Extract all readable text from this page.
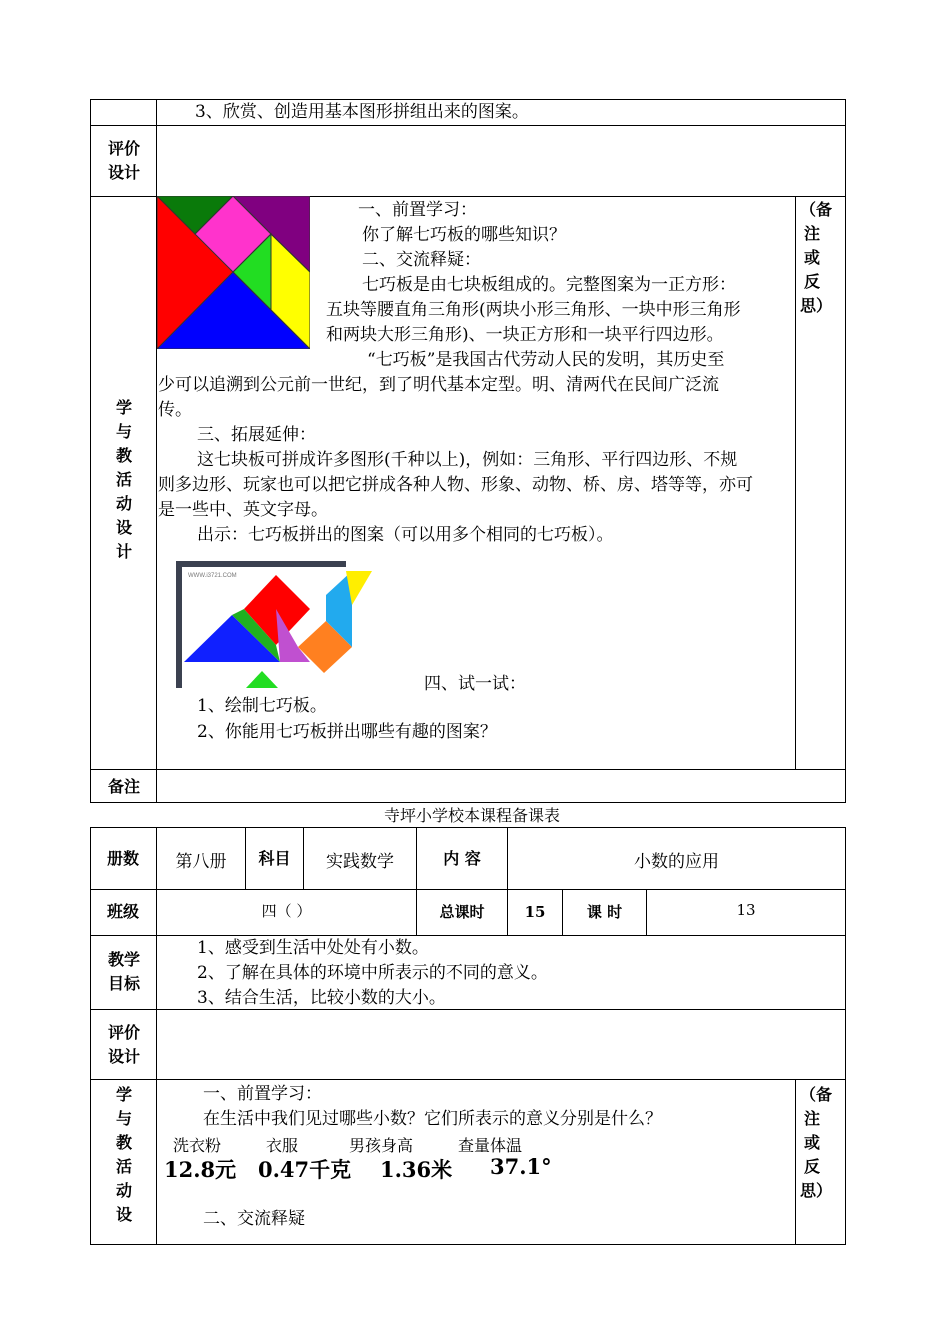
3、欣赏、创造用基本图形拼组出来的图案。
评价设计
学与教活动设计
（备注或反思）
备注
一、前置学习：
你了解七巧板的哪些知识？
二、交流释疑：
七巧板是由七块板组成的。完整图案为一正方形：
五块等腰直角三角形(两块小形三角形、一块中形三角形
和两块大形三角形)、一块正方形和一块平行四边形。
“七巧板”是我国古代劳动人民的发明，其历史至
少可以追溯到公元前一世纪，到了明代基本定型。明、清两代在民间广泛流
传。
三、拓展延伸：
这七块板可拼成许多图形(千种以上)，例如：三角形、平行四边形、不规
则多边形、玩家也可以把它拼成各种人物、形象、动物、桥、房、塔等等，亦可
是一些中、英文字母。
出示：七巧板拼出的图案（可以用多个相同的七巧板）。
WWW.i3721.COM
四、试一试：
1、绘制七巧板。
2、你能用七巧板拼出哪些有趣的图案？
寺坪小学校本课程备课表
册数	第八册	科目	实践数学	内 容	小数的应用
班级	四（ ）	总课时	15	课 时	13
教学目标
1、感受到生活中处处有小数。
2、了解在具体的环境中所表示的不同的意义。
3、结合生活，比较小数的大小。
评价设计
学与教活动设
（备注或反思）
一、前置学习：
在生活中我们见过哪些小数？它们所表示的意义分别是什么？
洗衣粉	衣服	男孩身高	查量体温
12.8元 0.47千克 1.36米 37.1°
二、交流释疑
